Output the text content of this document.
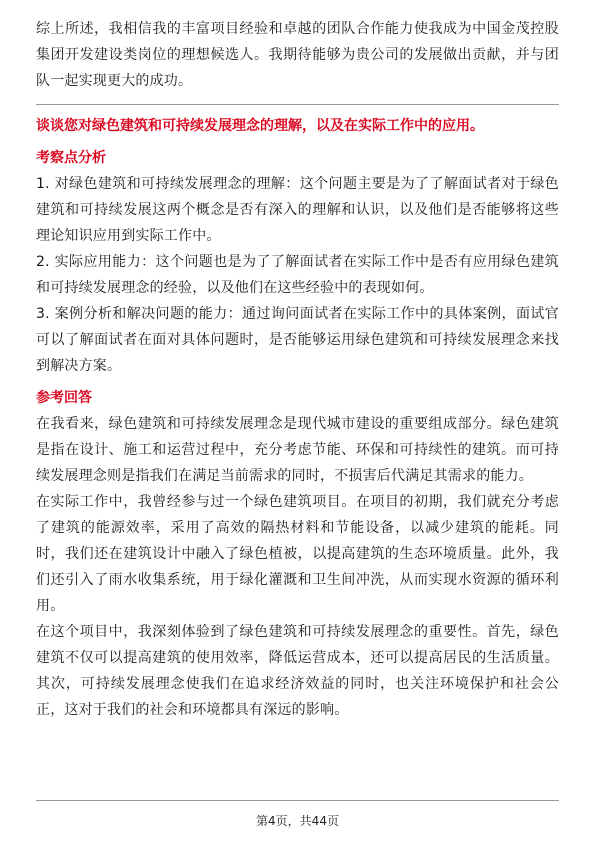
综上所述，我相信我的丰富项目经验和卓越的团队合作能力使我成为中国金茂控股集团开发建设类岗位的理想候选人。我期待能够为贵公司的发展做出贡献，并与团队一起实现更大的成功。

谈谈您对绿色建筑和可持续发展理念的理解，以及在实际工作中的应用。

考察点分析

1. 对绿色建筑和可持续发展理念的理解：这个问题主要是为了了解面试者对于绿色建筑和可持续发展这两个概念是否有深入的理解和认识，以及他们是否能够将这些理论知识应用到实际工作中。

2. 实际应用能力：这个问题也是为了了解面试者在实际工作中是否有应用绿色建筑和可持续发展理念的经验，以及他们在这些经验中的表现如何。

3. 案例分析和解决问题的能力：通过询问面试者在实际工作中的具体案例，面试官可以了解面试者在面对具体问题时，是否能够运用绿色建筑和可持续发展理念来找到解决方案。

参考回答

在我看来，绿色建筑和可持续发展理念是现代城市建设的重要组成部分。绿色建筑是指在设计、施工和运营过程中，充分考虑节能、环保和可持续性的建筑。而可持续发展理念则是指我们在满足当前需求的同时，不损害后代满足其需求的能力。

在实际工作中，我曾经参与过一个绿色建筑项目。在项目的初期，我们就充分考虑了建筑的能源效率，采用了高效的隔热材料和节能设备，以减少建筑的能耗。同时，我们还在建筑设计中融入了绿色植被，以提高建筑的生态环境质量。此外，我们还引入了雨水收集系统，用于绿化灌溉和卫生间冲洗，从而实现水资源的循环利用。

在这个项目中，我深刻体验到了绿色建筑和可持续发展理念的重要性。首先，绿色建筑不仅可以提高建筑的使用效率，降低运营成本，还可以提高居民的生活质量。其次，可持续发展理念使我们在追求经济效益的同时，也关注环境保护和社会公正，这对于我们的社会和环境都具有深远的影响。

第4页，共44页
